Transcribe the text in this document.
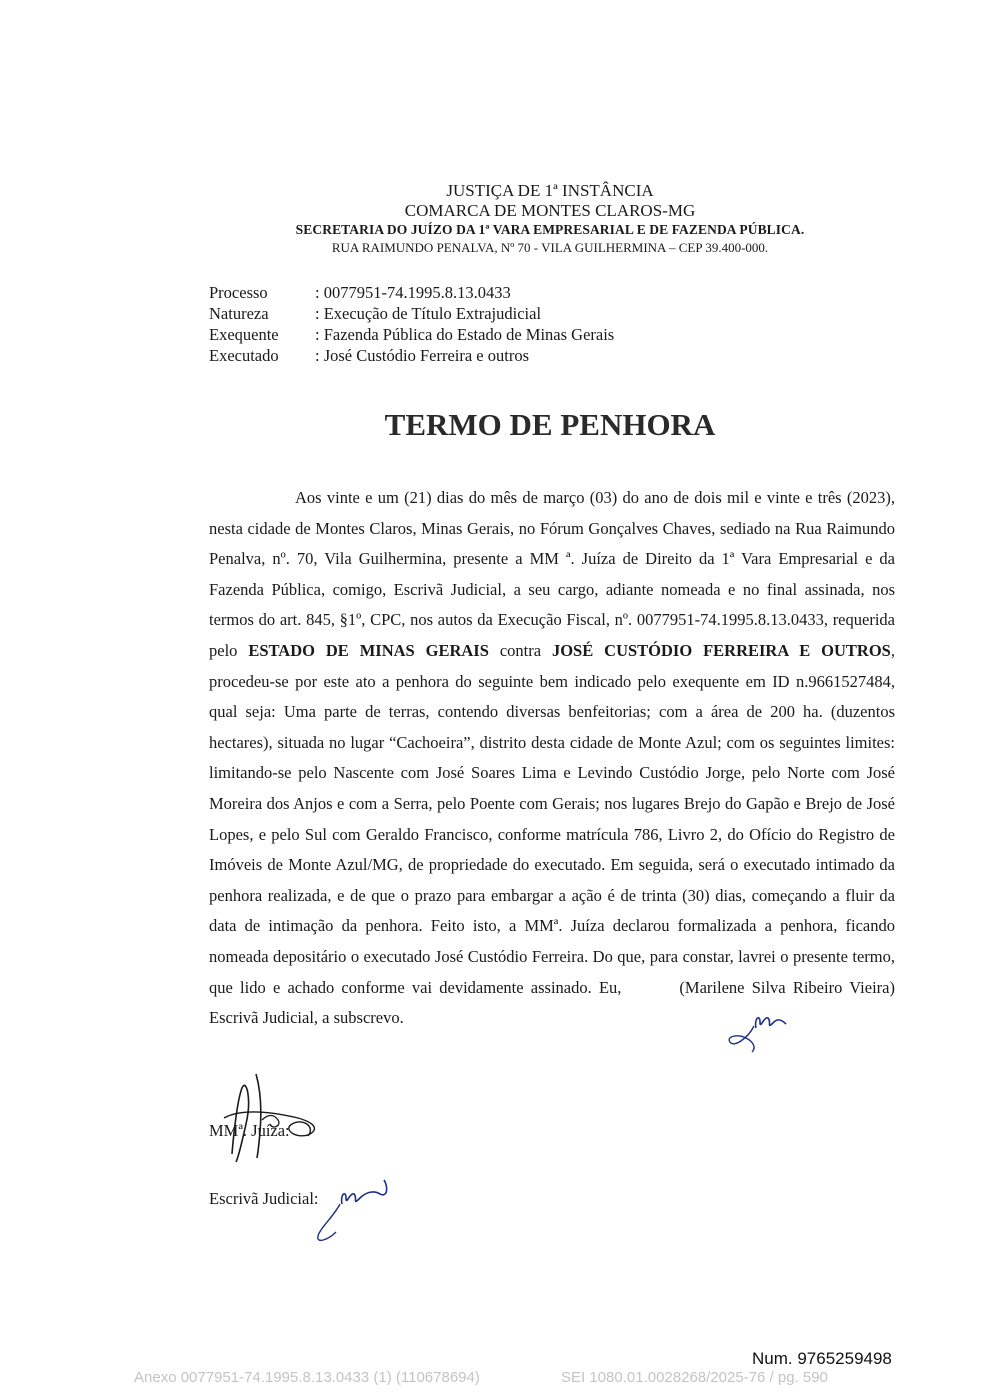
JUSTIÇA DE 1ª INSTÂNCIA
COMARCA DE MONTES CLAROS-MG
SECRETARIA DO JUÍZO DA 1ª VARA EMPRESARIAL E DE FAZENDA PÚBLICA.
RUA RAIMUNDO PENALVA, Nº 70 - VILA GUILHERMINA – CEP 39.400-000.
Processo	: 0077951-74.1995.8.13.0433
Natureza	: Execução de Título Extrajudicial
Exequente	: Fazenda Pública do Estado de Minas Gerais
Executado	: José Custódio Ferreira e outros
TERMO DE PENHORA

Aos vinte e um (21) dias do mês de março (03) do ano de dois mil e vinte e três (2023), nesta cidade de Montes Claros, Minas Gerais, no Fórum Gonçalves Chaves, sediado na Rua Raimundo Penalva, nº. 70, Vila Guilhermina, presente a MM ª. Juíza de Direito da 1ª Vara Empresarial e da Fazenda Pública, comigo, Escrivã Judicial, a seu cargo, adiante nomeada e no final assinada, nos termos do art. 845, §1º, CPC, nos autos da Execução Fiscal, nº. 0077951-74.1995.8.13.0433, requerida pelo ESTADO DE MINAS GERAIS contra JOSÉ CUSTÓDIO FERREIRA E OUTROS, procedeu-se por este ato a penhora do seguinte bem indicado pelo exequente em ID n.9661527484, qual seja: Uma parte de terras, contendo diversas benfeitorias; com a área de 200 ha. (duzentos hectares), situada no lugar “Cachoeira”, distrito desta cidade de Monte Azul; com os seguintes limites: limitando-se pelo Nascente com José Soares Lima e Levindo Custódio Jorge, pelo Norte com José Moreira dos Anjos e com a Serra, pelo Poente com Gerais; nos lugares Brejo do Gapão e Brejo de José Lopes, e pelo Sul com Geraldo Francisco, conforme matrícula 786, Livro 2, do Ofício do Registro de Imóveis de Monte Azul/MG, de propriedade do executado. Em seguida, será o executado intimado da penhora realizada, e de que o prazo para embargar a ação é de trinta (30) dias, começando a fluir da data de intimação da penhora. Feito isto, a MMª. Juíza declarou formalizada a penhora, ficando nomeada depositário o executado José Custódio Ferreira. Do que, para constar, lavrei o presente termo, que lido e achado conforme vai devidamente assinado. Eu,	(Marilene Silva Ribeiro Vieira) Escrivã Judicial, a subscrevo.

MMª. Juíza:
Escrivã Judicial:
Num. 9765259498
Anexo 0077951-74.1995.8.13.0433 (1) (110678694)	SEI 1080.01.0028268/2025-76 / pg. 590
